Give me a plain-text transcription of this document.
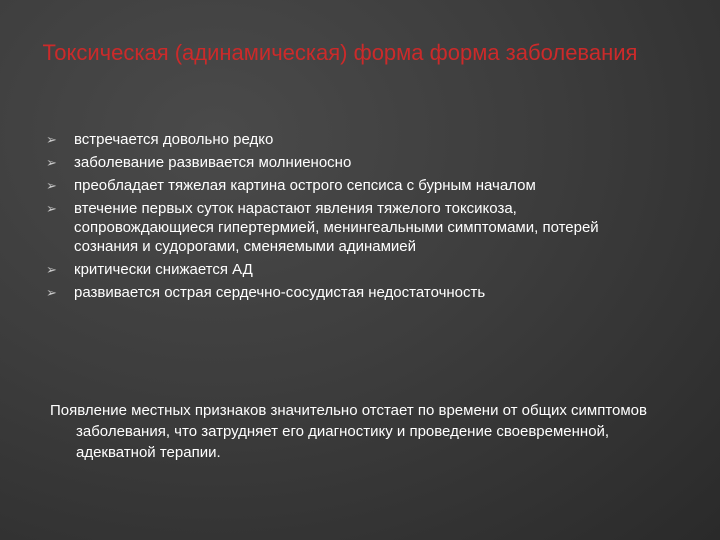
Токсическая (адинамическая) форма форма заболевания
➢ встречается довольно редко
➢ заболевание развивается молниеносно
➢ преобладает тяжелая картина острого сепсиса с бурным началом
➢ втечение первых суток нарастают явления тяжелого токсикоза, сопровождающиеся гипертермией, менингеальными симптомами, потерей сознания и судорогами, сменяемыми адинамией
➢ критически снижается АД
➢ развивается острая сердечно-сосудистая недостаточность
Появление местных признаков значительно отстает по времени от общих симптомов заболевания, что затрудняет его диагностику и проведение своевременной, адекватной терапии.
